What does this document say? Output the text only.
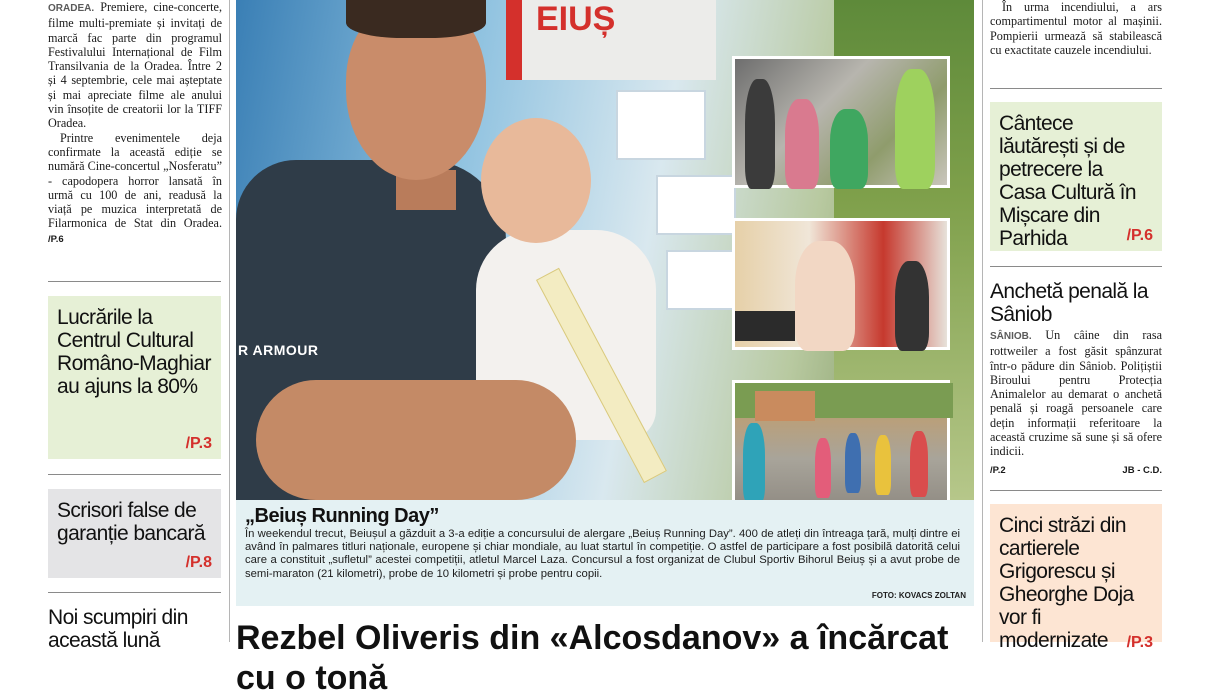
ORADEA. Premiere, cine-concerte, filme multi-premiate și invitați de marcă fac parte din programul Festivalului Internațional de Film Transilvania de la Oradea. Între 2 și 4 septembrie, cele mai așteptate și mai apreciate filme ale anului vin însoțite de creatorii lor la TIFF Oradea.

Printre evenimentele deja confirmate la această ediție se numără Cine-concertul „Nosferatu” - capodopera horror lansată în urmă cu 100 de ani, readusă la viață pe muzica interpretată de Filarmonica de Stat din Oradea. /P.6

Lucrările la Centrul Cultural Româno-Maghiar au ajuns la 80%
/P.3
Scrisori false de garanție bancară
/P.8
Noi scumpiri din această lună
EIUȘ
R ARMOUR
„Beiuș Running Day”
În weekendul trecut, Beiușul a găzduit a 3-a ediție a concursului de alergare „Beiuș Running Day”. 400 de atleți din întreaga țară, mulți dintre ei având în palmares titluri naționale, europene și chiar mondiale, au luat startul în competiție. O astfel de participare a fost posibilă datorită celui care a constituit „sufletul” acestei competiții, atletul Marcel Laza. Concursul a fost organizat de Clubul Sportiv Bihorul Beiuș și a avut probe de semi-maraton (21 kilometri), probe de 10 kilometri și probe pentru copii.
FOTO: KOVACS ZOLTAN
Rezbel Oliveris din «Alcosdanov» a încărcat cu o tonă

În urma incendiului, a ars compartimentul motor al mașinii. Pompierii urmează să stabilească cu exactitate cauzele incendiului.

Cântece lăutărești și de petrecere la Casa Cultură în Mișcare din Parhida	/P.6
Anchetă penală la Sâniob
SÂNIOB. Un câine din rasa rottweiler a fost găsit spânzurat într-o pădure din Sâniob. Polițiștii Biroului pentru Protecția Animalelor au demarat o anchetă penală și roagă persoanele care dețin informații referitoare la această cruzime să sune și să ofere indicii.
/P.2	JB - C.D.
Cinci străzi din cartierele Grigorescu și Gheorghe Doja vor fi modernizate	/P.3
